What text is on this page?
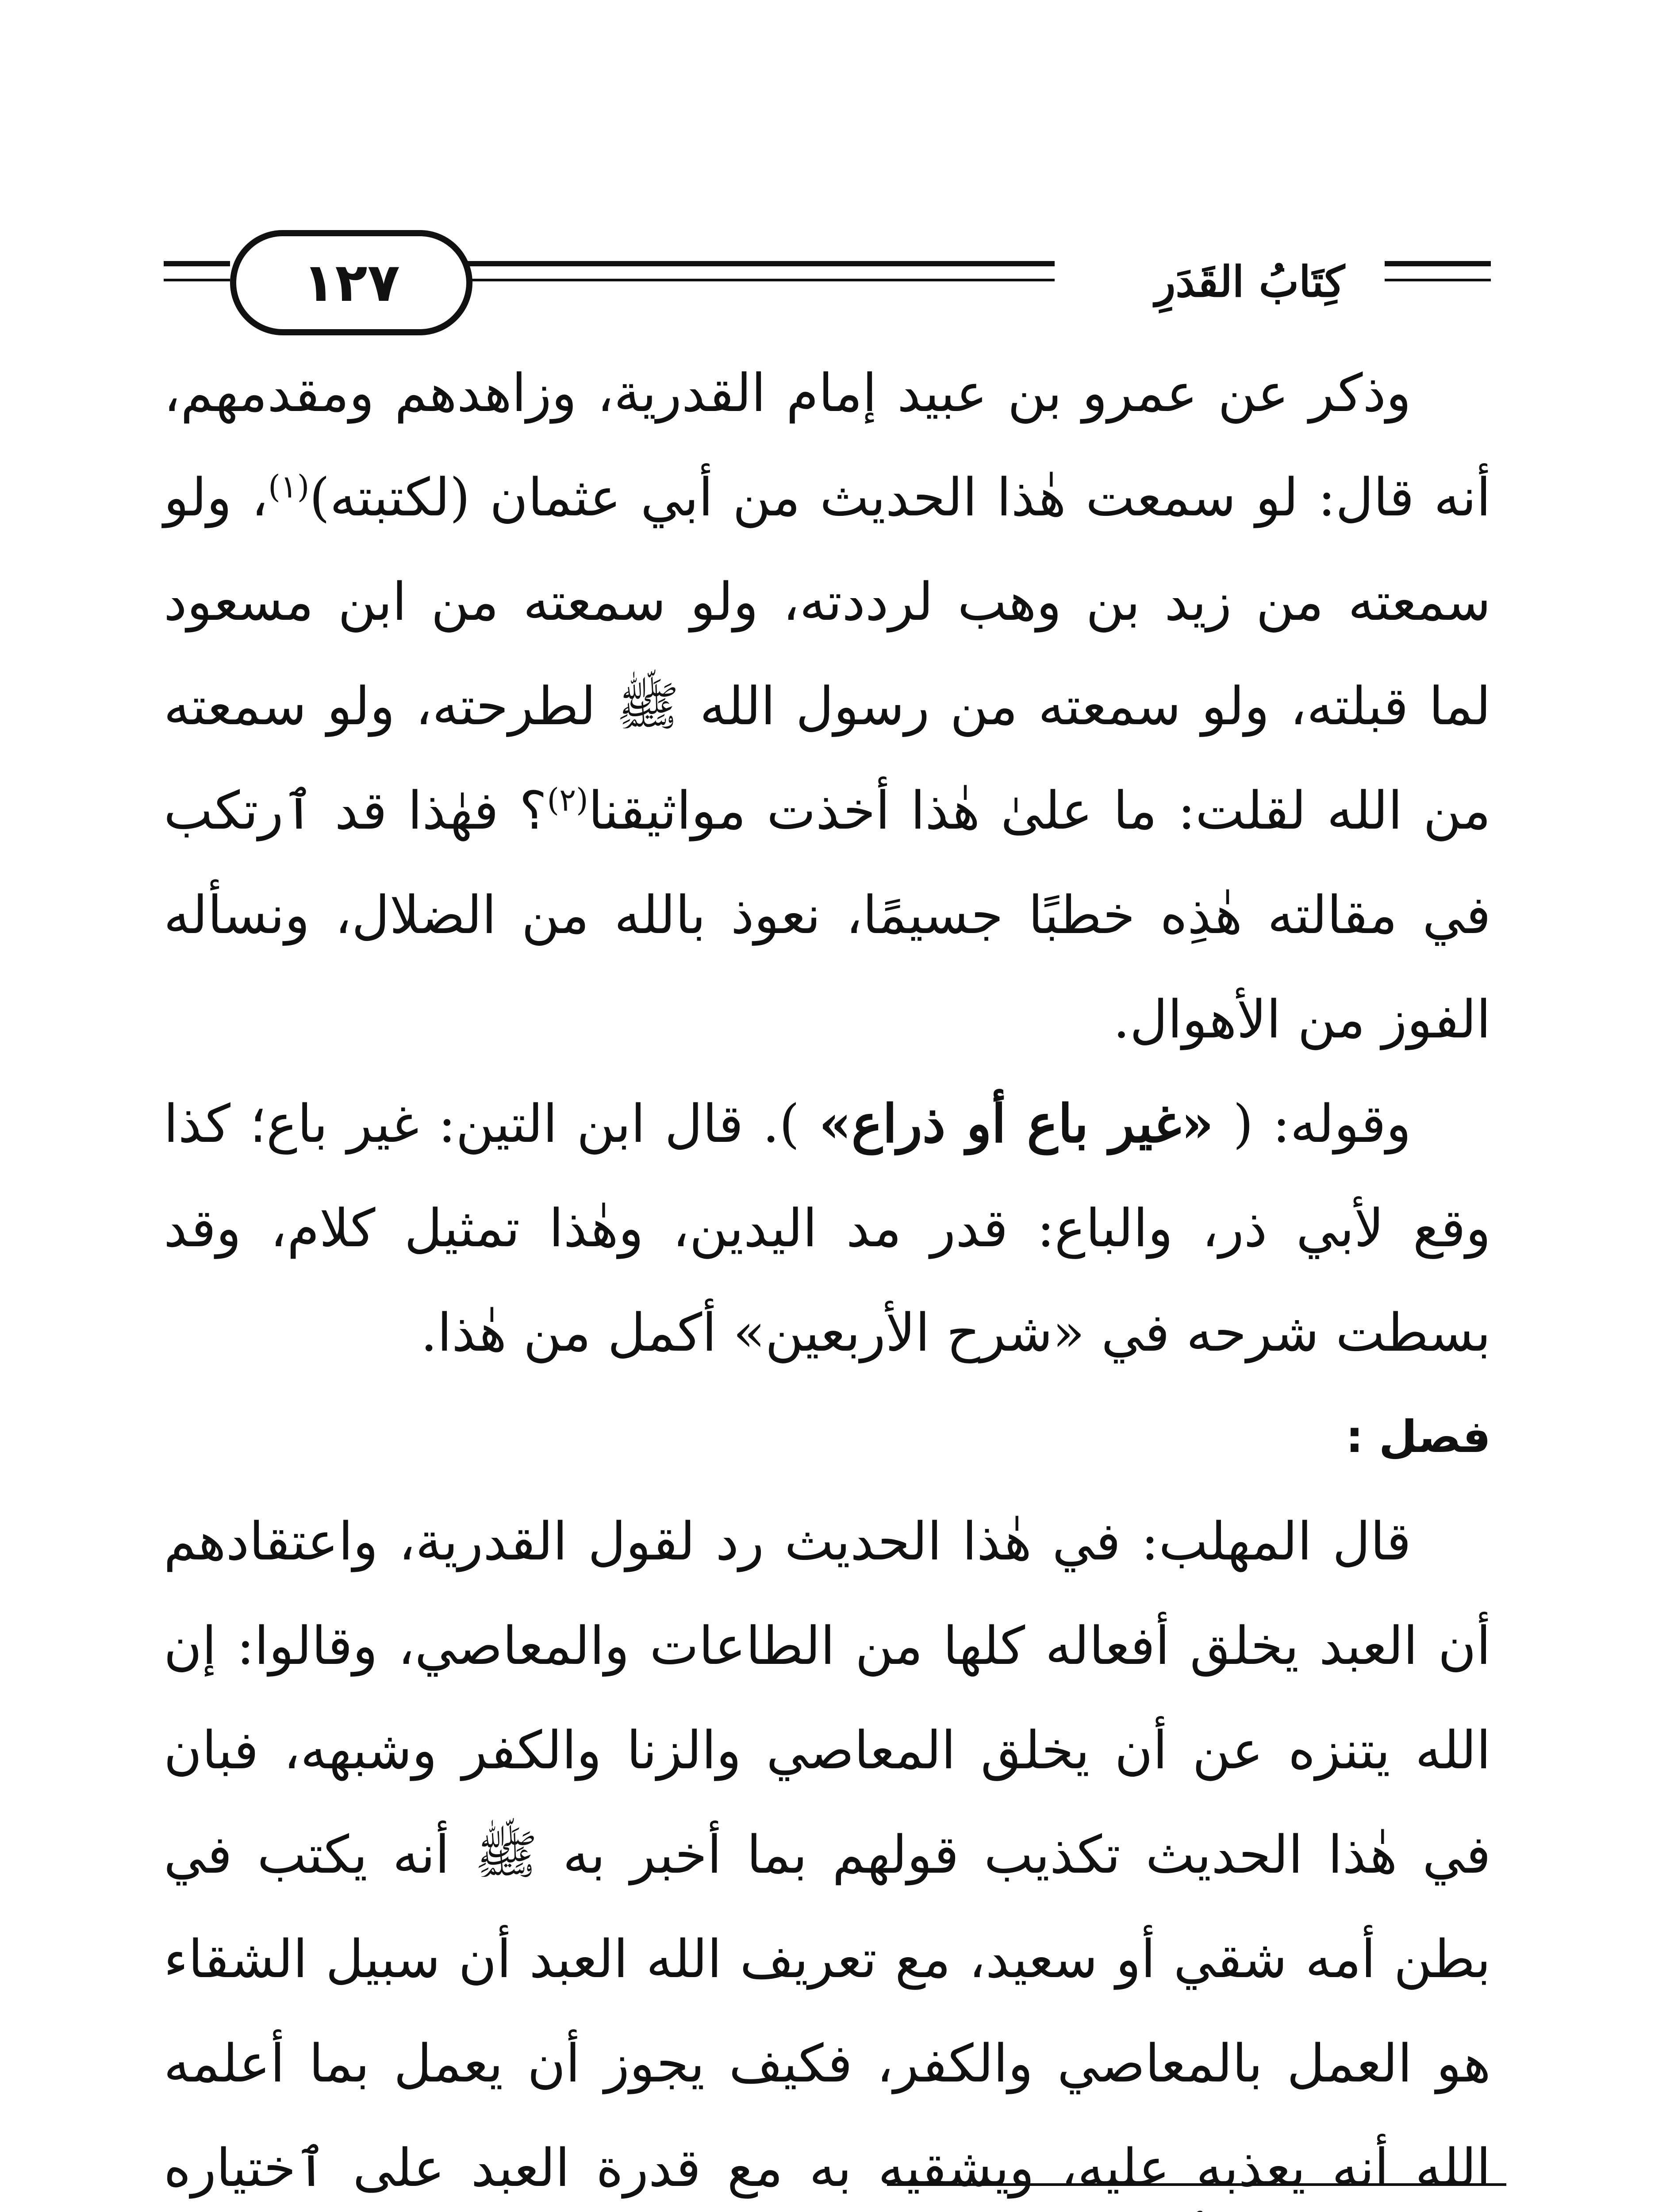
١٢٧	كِتَابُ القَدَرِ

وذكر عن عمرو بن عبيد إمام القدرية، وزاهدهم ومقدمهم، أنه قال: لو سمعت هٰذا الحديث من أبي عثمان (لكتبته)$^{(١)}$، ولو سمعته من زيد بن وهب لرددته، ولو سمعته من ابن مسعود لما قبلته، ولو سمعته من رسول الله ﷺ لطرحته، ولو سمعته من الله لقلت: ما علىٰ هٰذا أخذت مواثيقنا$^{(٢)}$؟ فهٰذا قد ٱرتكب في مقالته هٰذِه خطبًا جسيمًا، نعوذ بالله من الضلال، ونسأله الفوز من الأهوال.

وقوله: ( «غير باع أو ذراع» ). قال ابن التين: غير باع؛ كذا وقع لأبي ذر، والباع: قدر مد اليدين، وهٰذا تمثيل كلام، وقد بسطت شرحه في «شرح الأربعين» أكمل من هٰذا.

فصل :

قال المهلب: في هٰذا الحديث رد لقول القدرية، واعتقادهم أن العبد يخلق أفعاله كلها من الطاعات والمعاصي، وقالوا: إن الله يتنزه عن أن يخلق المعاصي والزنا والكفر وشبهه، فبان في هٰذا الحديث تكذيب قولهم بما أخبر به ﷺ أنه يكتب في بطن أمه شقي أو سعيد، مع تعريف الله العبد أن سبيل الشقاء هو العمل بالمعاصي والكفر، فكيف يجوز أن يعمل بما أعلمه الله أنه يعذبه عليه، ويشقيه به مع قدرة العبد على ٱختياره
